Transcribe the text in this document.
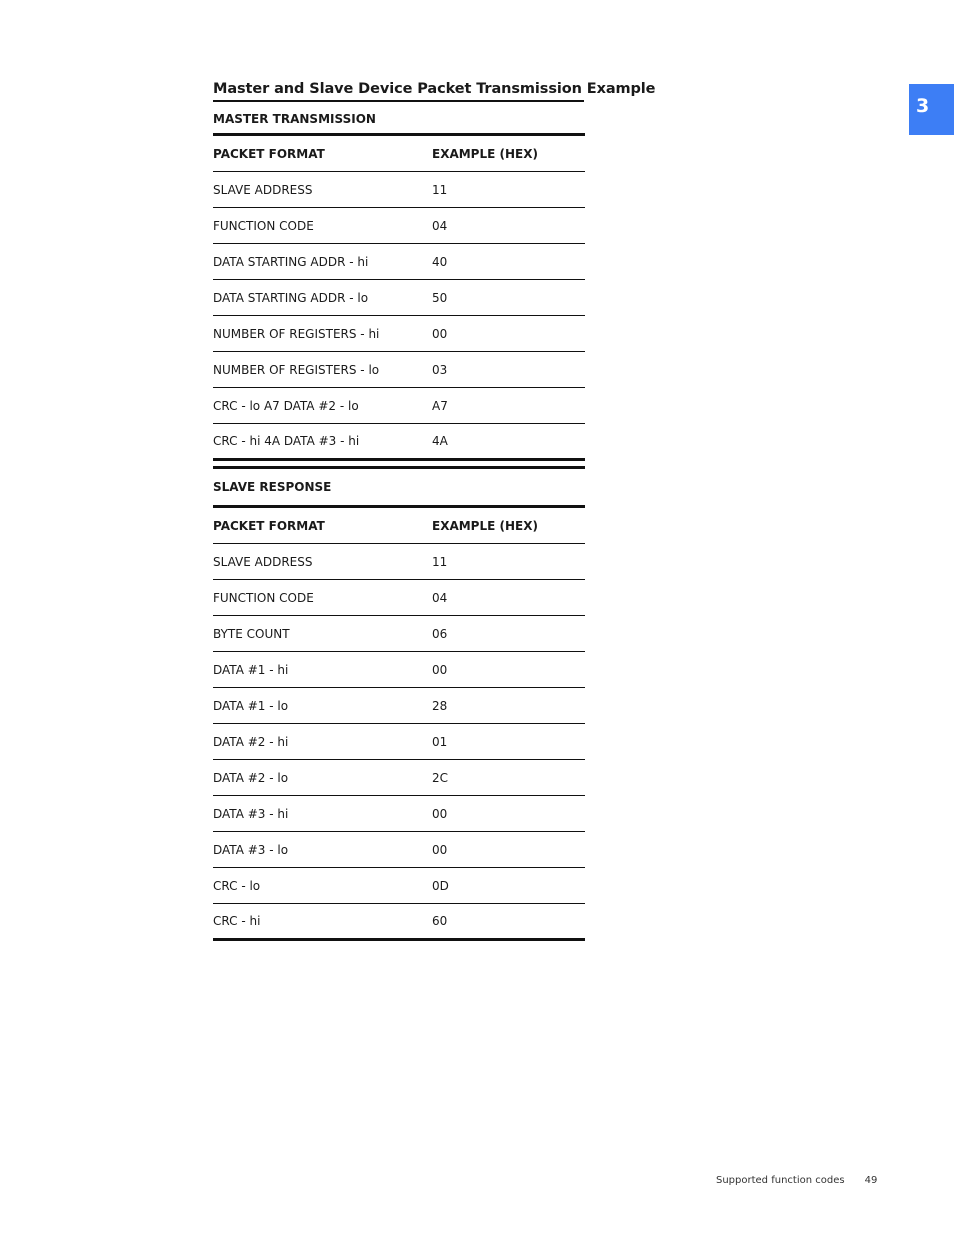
3
Master and Slave Device Packet Transmission Example
MASTER TRANSMISSION
PACKET FORMAT	EXAMPLE (HEX)
SLAVE ADDRESS	11
FUNCTION CODE	04
DATA STARTING ADDR - hi	40
DATA STARTING ADDR - lo	50
NUMBER OF REGISTERS - hi	00
NUMBER OF REGISTERS - lo	03
CRC - lo A7 DATA #2 - lo	A7
CRC - hi 4A DATA #3 - hi	4A
SLAVE RESPONSE
PACKET FORMAT	EXAMPLE (HEX)
SLAVE ADDRESS	11
FUNCTION CODE	04
BYTE COUNT	06
DATA #1 - hi	00
DATA #1 - lo	28
DATA #2 - hi	01
DATA #2 - lo	2C
DATA #3 - hi	00
DATA #3 - lo	00
CRC - lo	0D
CRC - hi	60
Supported function codes 49
